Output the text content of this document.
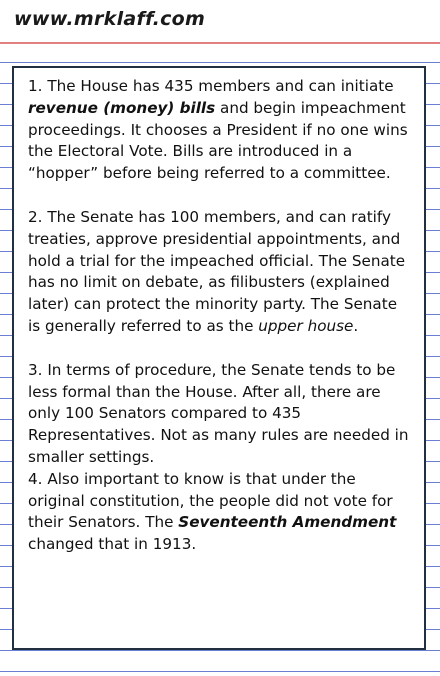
www.mrklaff.com

1. The House has 435 members and can initiate revenue (money) bills and begin impeachment proceedings. It chooses a President if no one wins the Electoral Vote. Bills are introduced in a “hopper” before being referred to a committee.

2. The Senate has 100 members, and can ratify treaties, approve presidential appointments, and hold a trial for the impeached official. The Senate has no limit on debate, as filibusters (explained later) can protect the minority party. The Senate is generally referred to as the upper house.

3. In terms of procedure, the Senate tends to be less formal than the House. After all, there are only 100 Senators compared to 435 Representatives. Not as many rules are needed in smaller settings.

4. Also important to know is that under the original constitution, the people did not vote for their Senators. The Seventeenth Amendment changed that in 1913.
